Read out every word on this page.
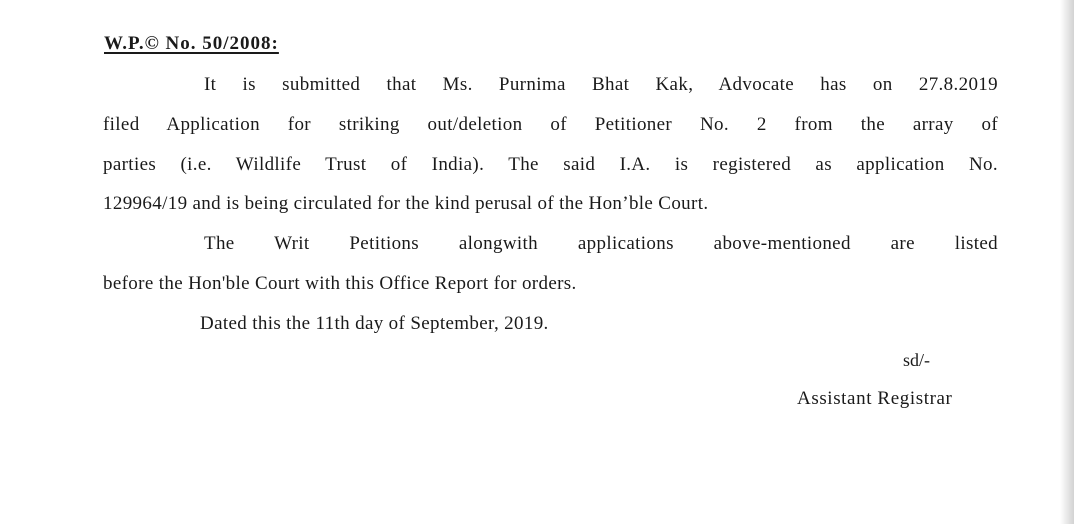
W.P.© No. 50/2008:
It is submitted that Ms. Purnima Bhat Kak, Advocate has on 27.8.2019
filed Application for striking out/deletion of Petitioner No. 2 from the array of
parties (i.e. Wildlife Trust of India). The said I.A. is registered as application No.
129964/19 and is being circulated for the kind perusal of the Hon’ble Court.
The Writ Petitions alongwith applications above-mentioned are listed
before the Hon'ble Court with this Office Report for orders.
Dated this the 11th day of September, 2019.
sd/-
Assistant Registrar
